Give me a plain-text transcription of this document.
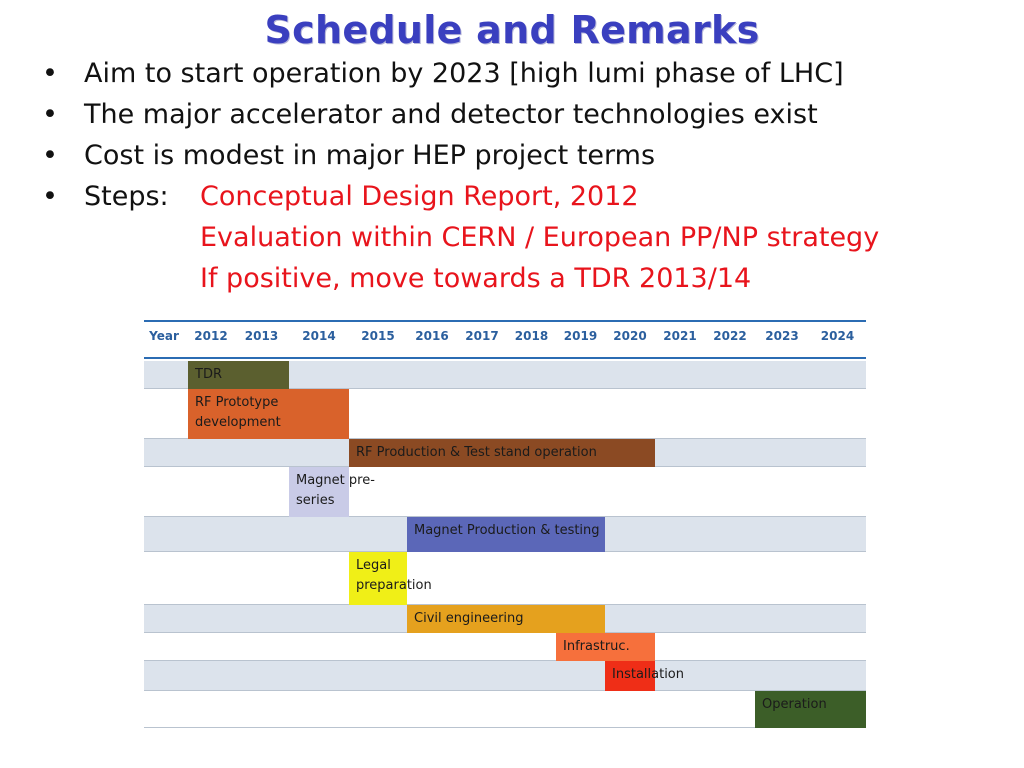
Schedule and Remarks
• Aim to start operation by 2023 [high lumi phase of LHC]
• The major accelerator and detector technologies exist
• Cost is modest in major HEP project terms
• Steps: Conceptual Design Report, 2012
Evaluation within CERN / European PP/NP strategy
If positive, move towards a TDR 2013/14
Year 2012 2013 2014 2015 2016 2017 2018 2019 2020 2021 2022 2023 2024
TDR
RF Prototype
development
RF Production & Test stand operation
Magnet pre-
series
Magnet Production & testing
Legal
preparation
Civil engineering
Infrastruc.
Installation
Operation
